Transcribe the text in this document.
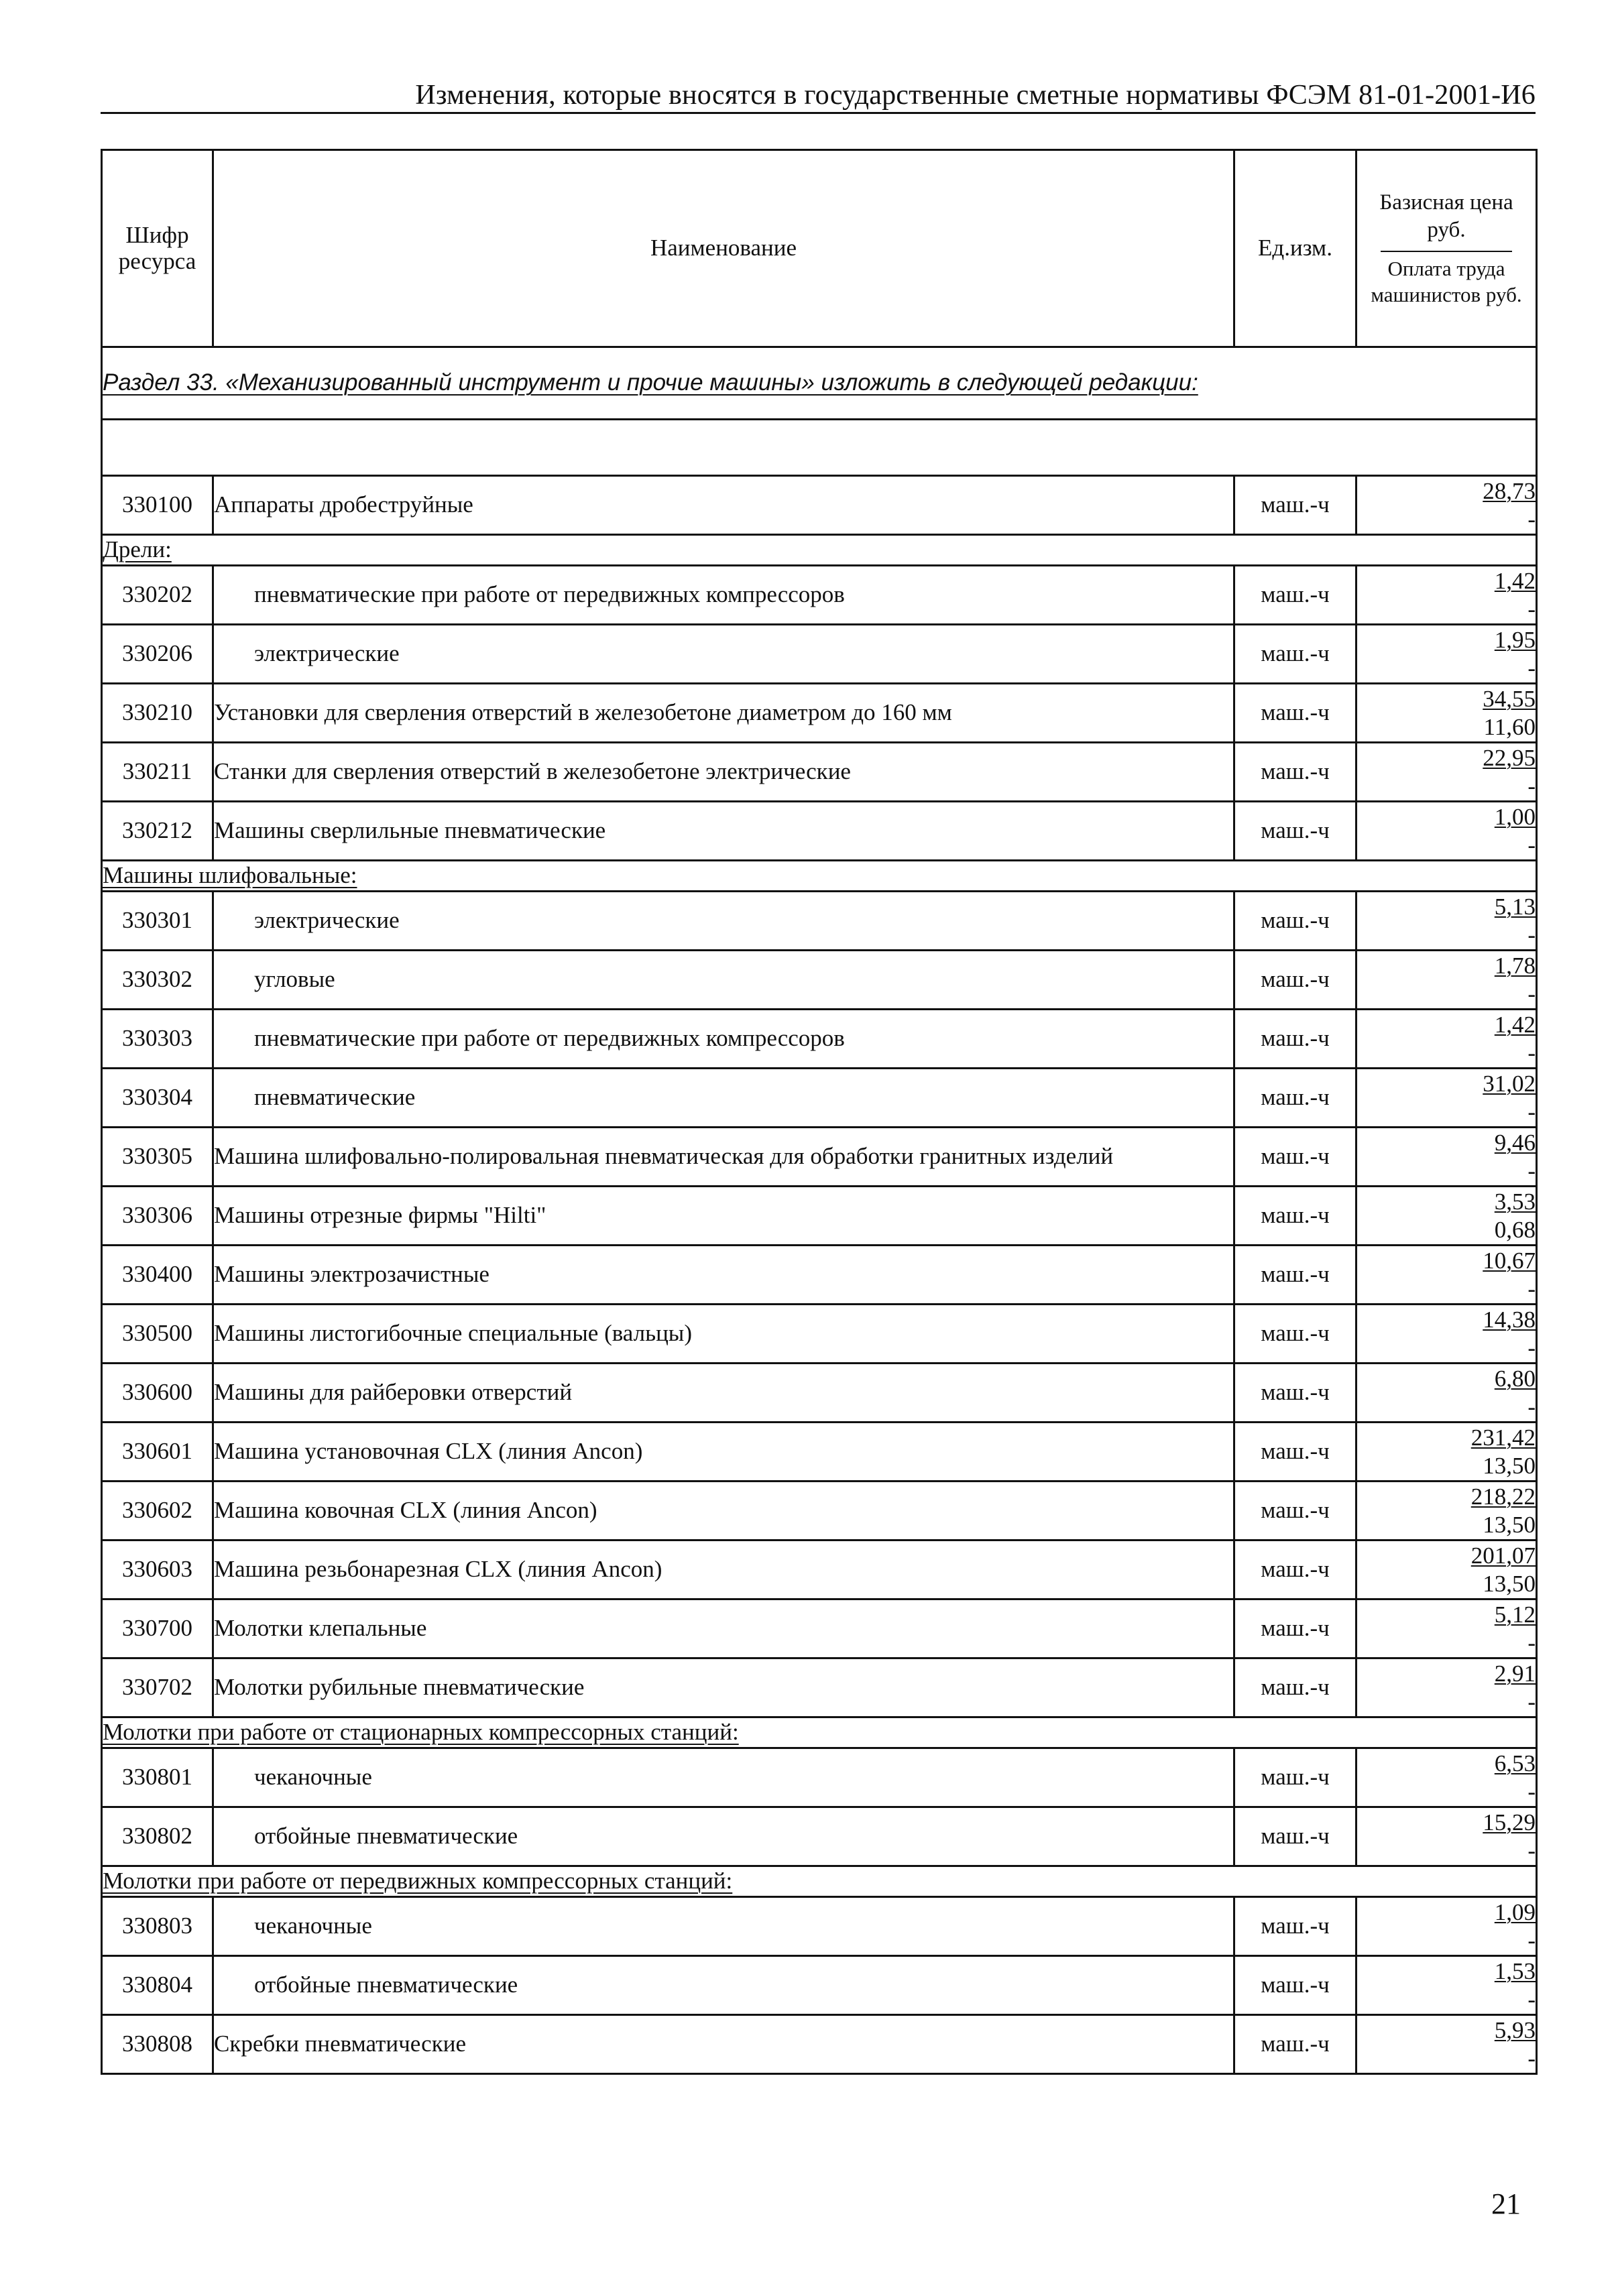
Изменения, которые вносятся в государственные сметные нормативы ФСЭМ 81-01-2001-И6
Шифр ресурса	Наименование	Ед.изм.	Базисная цена руб.
Оплата труда машинистов руб.

Раздел 33. «Механизированный инструмент и прочие машины» изложить в следующей редакции:			

330100	Аппараты дробеструйные	маш.-ч	28,73
-

Дрели:			
330202	пневматические при работе от передвижных компрессоров	маш.-ч	1,42
-

330206	электрические	маш.-ч	1,95
-

330210	Установки для сверления отверстий в железобетоне диаметром до 160 мм	маш.-ч	34,55
11,60

330211	Станки для сверления отверстий в железобетоне электрические	маш.-ч	22,95
-

330212	Машины сверлильные пневматические	маш.-ч	1,00
-

Машины шлифовальные:			
330301	электрические	маш.-ч	5,13
-

330302	угловые	маш.-ч	1,78
-

330303	пневматические при работе от передвижных компрессоров	маш.-ч	1,42
-

330304	пневматические	маш.-ч	31,02
-

330305	Машина шлифовально-полировальная пневматическая для обработки гранитных изделий	маш.-ч	9,46
-

330306	Машины отрезные фирмы "Hilti"	маш.-ч	3,53
0,68

330400	Машины электрозачистные	маш.-ч	10,67
-

330500	Машины листогибочные специальные (вальцы)	маш.-ч	14,38
-

330600	Машины для райберовки отверстий	маш.-ч	6,80
-

330601	Машина установочная CLX (линия Ancon)	маш.-ч	231,42
13,50

330602	Машина ковочная CLX (линия Ancon)	маш.-ч	218,22
13,50

330603	Машина резьбонарезная CLX (линия Ancon)	маш.-ч	201,07
13,50

330700	Молотки клепальные	маш.-ч	5,12
-

330702	Молотки рубильные пневматические	маш.-ч	2,91
-

Молотки при работе от стационарных компрессорных станций:			
330801	чеканочные	маш.-ч	6,53
-

330802	отбойные пневматические	маш.-ч	15,29
-

Молотки при работе от передвижных компрессорных станций:			
330803	чеканочные	маш.-ч	1,09
-

330804	отбойные пневматические	маш.-ч	1,53
-

330808	Скребки пневматические	маш.-ч	5,93
-
21
